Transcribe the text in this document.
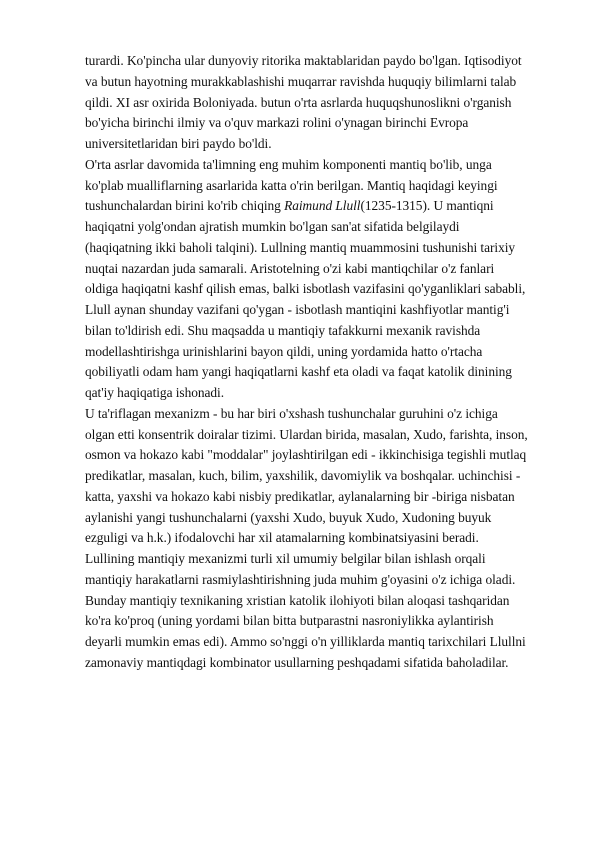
turardi. Ko'pincha ular dunyoviy ritorika maktablaridan paydo bo'lgan. Iqtisodiyot
va butun hayotning murakkablashishi muqarrar ravishda huquqiy bilimlarni talab
qildi. XI asr oxirida Boloniyada. butun o'rta asrlarda huquqshunoslikni o'rganish
bo'yicha birinchi ilmiy va o'quv markazi rolini o'ynagan birinchi Evropa
universitetlaridan biri paydo bo'ldi.
O'rta asrlar davomida ta'limning eng muhim komponenti mantiq bo'lib, unga
ko'plab mualliflarning asarlarida katta o'rin berilgan. Mantiq haqidagi keyingi
tushunchalardan birini ko'rib chiqing Raimund Llull(1235-1315). U mantiqni
haqiqatni yolg'ondan ajratish mumkin bo'lgan san'at sifatida belgilaydi
(haqiqatning ikki baholi talqini). Lullning mantiq muammosini tushunishi tarixiy
nuqtai nazardan juda samarali. Aristotelning o'zi kabi mantiqchilar o'z fanlari
oldiga haqiqatni kashf qilish emas, balki isbotlash vazifasini qo'yganliklari sababli,
Llull aynan shunday vazifani qo'ygan - isbotlash mantiqini kashfiyotlar mantig'i
bilan to'ldirish edi. Shu maqsadda u mantiqiy tafakkurni mexanik ravishda
modellashtirishga urinishlarini bayon qildi, uning yordamida hatto o'rtacha
qobiliyatli odam ham yangi haqiqatlarni kashf eta oladi va faqat katolik dinining
qat'iy haqiqatiga ishonadi.
U ta'riflagan mexanizm - bu har biri o'xshash tushunchalar guruhini o'z ichiga
olgan etti konsentrik doiralar tizimi. Ulardan birida, masalan, Xudo, farishta, inson,
osmon va hokazo kabi "moddalar" joylashtirilgan edi - ikkinchisiga tegishli mutlaq
predikatlar, masalan, kuch, bilim, yaxshilik, davomiylik va boshqalar. uchinchisi -
katta, yaxshi va hokazo kabi nisbiy predikatlar, aylanalarning bir -biriga nisbatan
aylanishi yangi tushunchalarni (yaxshi Xudo, buyuk Xudo, Xudoning buyuk
ezguligi va h.k.) ifodalovchi har xil atamalarning kombinatsiyasini beradi.
Lullining mantiqiy mexanizmi turli xil umumiy belgilar bilan ishlash orqali
mantiqiy harakatlarni rasmiylashtirishning juda muhim g'oyasini o'z ichiga oladi.
Bunday mantiqiy texnikaning xristian katolik ilohiyoti bilan aloqasi tashqaridan
ko'ra ko'proq (uning yordami bilan bitta butparastni nasroniylikka aylantirish
deyarli mumkin emas edi). Ammo so'nggi o'n yilliklarda mantiq tarixchilari Llullni
zamonaviy mantiqdagi kombinator usullarning peshqadami sifatida baholadilar.
